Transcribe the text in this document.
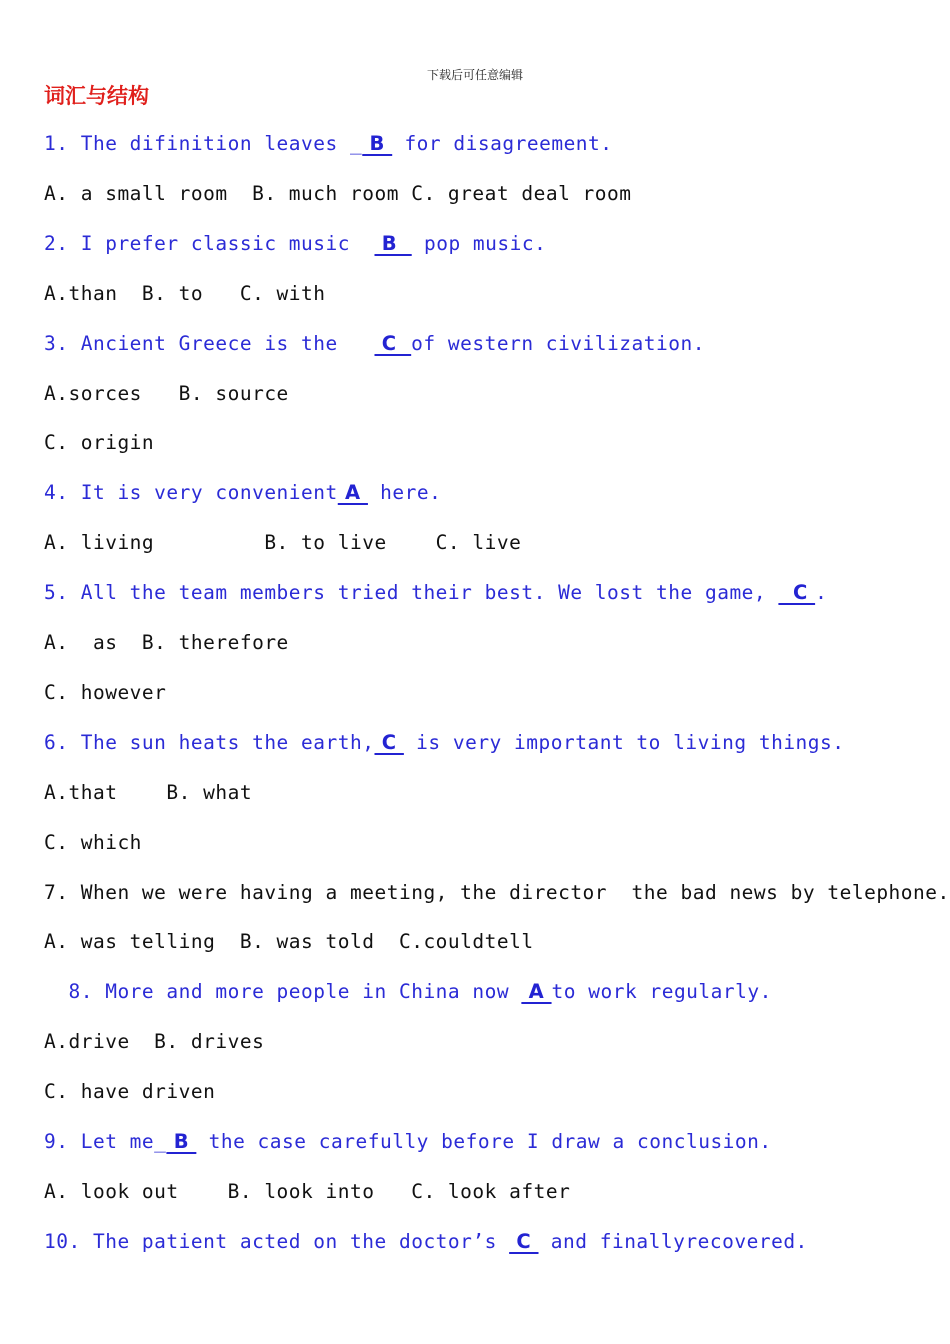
下载后可任意编辑
词汇与结构
1. The difinition leaves _ B  for disagreement.
A. a small room  B. much room C. great deal room
2. I prefer classic music   B   pop music.
A.than  B. to   C. with
3. Ancient Greece is the    C  of western civilization.
A.sorces   B. source
C. origin
4. It is very convenient A  here.
A. living         B. to live    C. live
5. All the team members tried their best. We lost the game,   C .
A.  as  B. therefore
C. however
6. The sun heats the earth, C  is very important to living things.
A.that    B. what
C. which
7. When we were having a meeting, the director  the bad news by telephone.
A. was telling  B. was told  C.couldtell
8. More and more people in China now  A to work regularly.
A.drive  B. drives
C. have driven
9. Let me_ B  the case carefully before I draw a conclusion.
A. look out    B. look into   C. look after
10. The patient acted on the doctor’s  C  and finallyrecovered.
